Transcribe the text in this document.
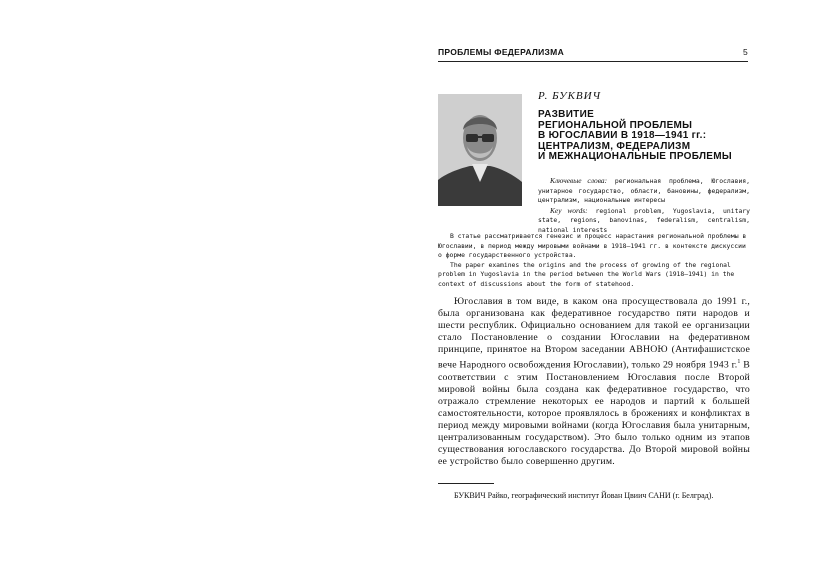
ПРОБЛЕМЫ ФЕДЕРАЛИЗМА	5
Р. БУКВИЧ
РАЗВИТИЕ
РЕГИОНАЛЬНОЙ ПРОБЛЕМЫ
В ЮГОСЛАВИИ В 1918—1941 гг.:
ЦЕНТРАЛИЗМ, ФЕДЕРАЛИЗМ
И МЕЖНАЦИОНАЛЬНЫЕ ПРОБЛЕМЫ

Ключевые слова: региональная проблема, Югославия, унитарное государство, области, бановины, федерализм, централизм, национальные интересы

Key words: regional problem, Yugoslavia, unitary state, regions, banovinas, federalism, centralism, national interests

В статье рассматривается генезис и процесс нарастания региональной проблемы в Югославии, в период между мировыми войнами в 1918—1941 гг. в контексте дискуссии о форме государственного устройства.

The paper examines the origins and the process of growing of the regional problem in Yugoslavia in the period between the World Wars (1918—1941) in the context of discussions about the form of statehood.

Югославия в том виде, в каком она просуществовала до 1991 г., была организована как федеративное государство пяти народов и шести республик. Официально основанием для такой ее организации стало Постановление о создании Югославии на федеративном принципе, принятое на Втором заседании АВНОЮ (Антифашистское вече Народного освобождения Югославии), только 29 ноября 1943 г.$^1$ В соответствии с этим Постановлением Югославия после Второй мировой войны была создана как федеративное государство, что отражало стремление некоторых ее народов и партий к большей самостоятельности, которое проявлялось в брожениях и конфликтах в период между мировыми войнами (когда Югославия была унитарным, централизованным государством). Это было только одним из этапов существования югославского государства. До Второй мировой войны ее устройство было совершенно другим.

БУКВИЧ Райко, географический институт Йован Цвиич САНИ (г. Белград).
